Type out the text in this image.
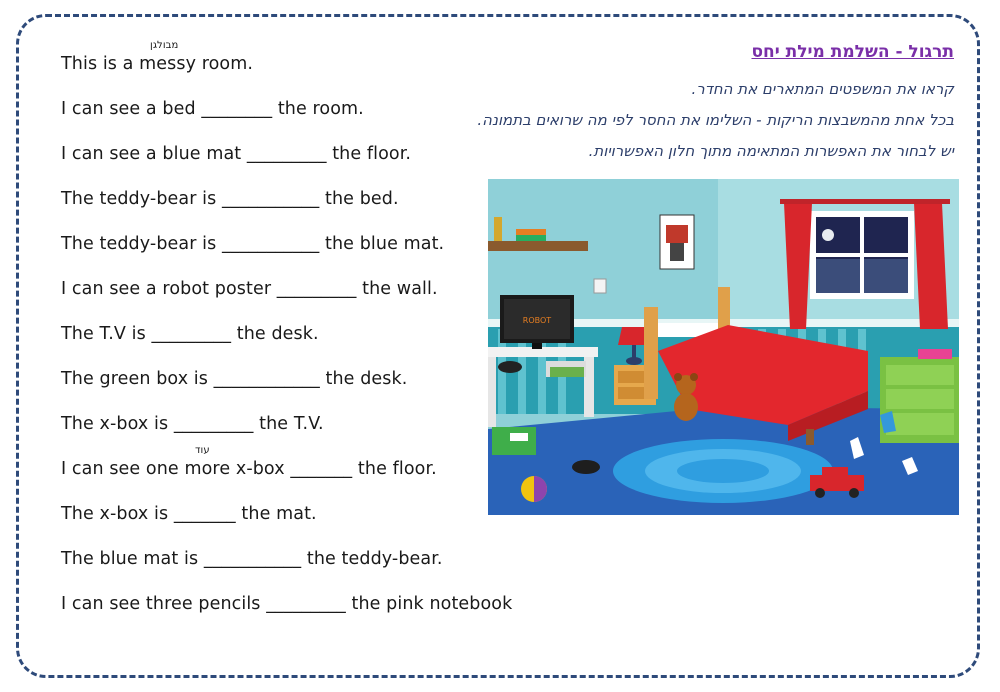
This is a messy room.
מבולגן
I can see a bed ________ the room.
I can see a blue mat _________ the floor.
The teddy-bear is ___________ the bed.
The teddy-bear is ___________ the blue mat.
I can see a robot poster _________ the wall.
The T.V is _________ the desk.
The green box is ____________ the desk.
The x-box is _________ the T.V.
I can see one more x-box _______ the floor.
עוד
The x-box is _______ the mat.
The blue mat is ___________ the teddy-bear.
I can see three pencils _________ the pink notebook
תרגול - השלמת מילת יחס
קראו את המשפטים המתארים את החדר.
בכל אחת מהמשבצות הריקות - השלימו את החסר לפי מה שרואים בתמונה.
יש לבחור את האפשרות המתאימה מתוך חלון האפשרויות.
ROBOT
